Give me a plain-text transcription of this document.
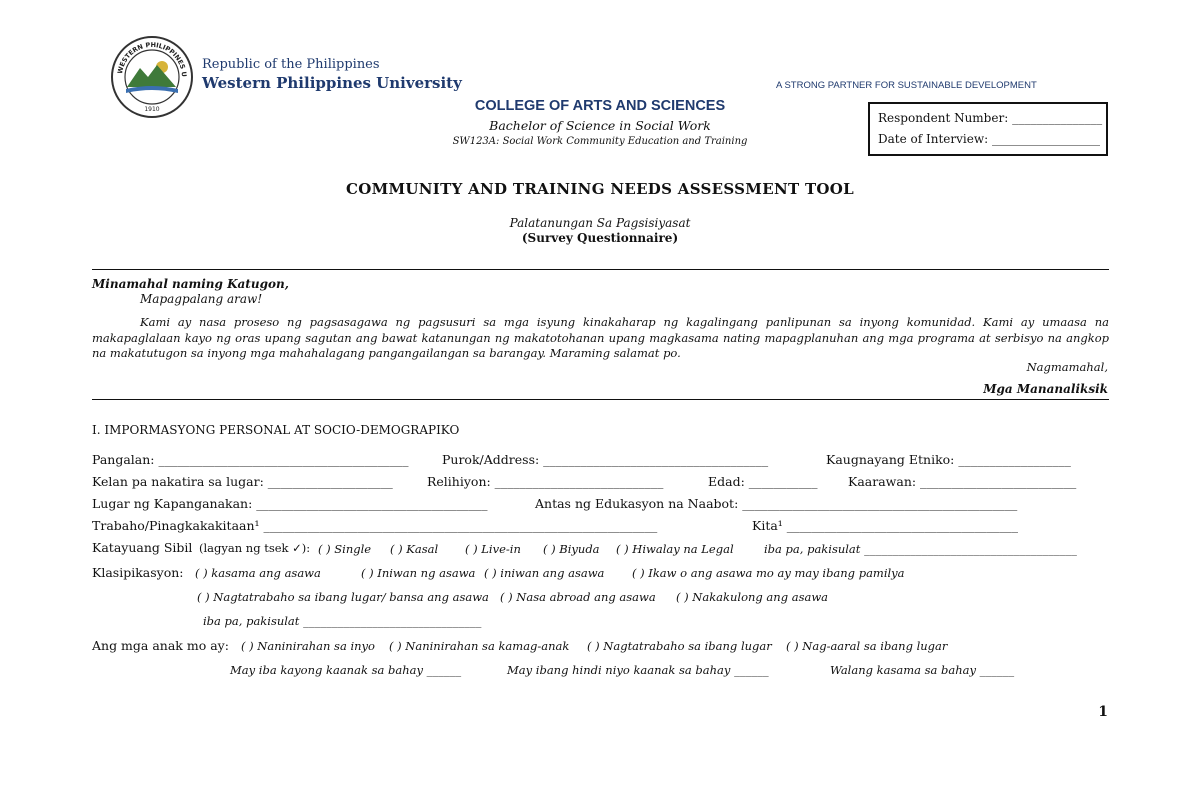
WESTERN PHILIPPINES U
1910
Republic of the Philippines
Western Philippines University	A STRONG PARTNER FOR SUSTAINABLE DEVELOPMENT
COLLEGE OF ARTS AND SCIENCES
Bachelor of Science in Social Work
SW123A: Social Work Community Education and Training
Respondent Number: _______________
Date of Interview: __________________
COMMUNITY AND TRAINING NEEDS ASSESSMENT TOOL
Palatanungan Sa Pagsisiyasat
(Survey Questionnaire)
Minamahal naming Katugon,
Mapagpalang araw!
Kami ay nasa proseso ng pagsasagawa ng pagsusuri sa mga isyung kinakaharap ng kagalingang panlipunan sa inyong komunidad. Kami ay umaasa na makapaglalaan kayo ng oras upang sagutan ang bawat katanungan ng makatotohanan upang magkasama nating mapagplanuhan ang mga programa at serbisyo na angkop na makatutugon sa inyong mga mahahalagang pangangailangan sa barangay. Maraming salamat po.
Nagmamahal,
Mga Mananaliksik
I. IMPORMASYONG PERSONAL AT SOCIO-DEMOGRAPIKO
Pangalan: ________________________________________	Purok/Address: ____________________________________	Kaugnayang Etniko: __________________
Kelan pa nakatira sa lugar: ____________________	Relihiyon: ___________________________	Edad: ___________ Kaarawan: _________________________
Lugar ng Kapanganakan: _____________________________________	Antas ng Edukasyon na Naabot: ____________________________________________
Trabaho/Pinagkakakitaan¹ _______________________________________________________________	Kita¹ _____________________________________
Katayuang Sibil (lagyan ng tsek ✓): ( ) Single ( ) Kasal ( ) Live-in ( ) Biyuda ( ) Hiwalay na Legal	iba pa, pakisulat _____________________________________
Klasipikasyon: ( ) kasama ang asawa	( ) Iniwan ng asawa ( ) iniwan ang asawa ( ) Ikaw o ang asawa mo ay may ibang pamilya
( ) Nagtatrabaho sa ibang lugar/ bansa ang asawa ( ) Nasa abroad ang asawa ( ) Nakakulong ang asawa
iba pa, pakisulat _______________________________
Ang mga anak mo ay: ( ) Naninirahan sa inyo ( ) Naninirahan sa kamag-anak ( ) Nagtatrabaho sa ibang lugar ( ) Nag-aaral sa ibang lugar
May iba kayong kaanak sa bahay ______	May ibang hindi niyo kaanak sa bahay ______	Walang kasama sa bahay ______
1
